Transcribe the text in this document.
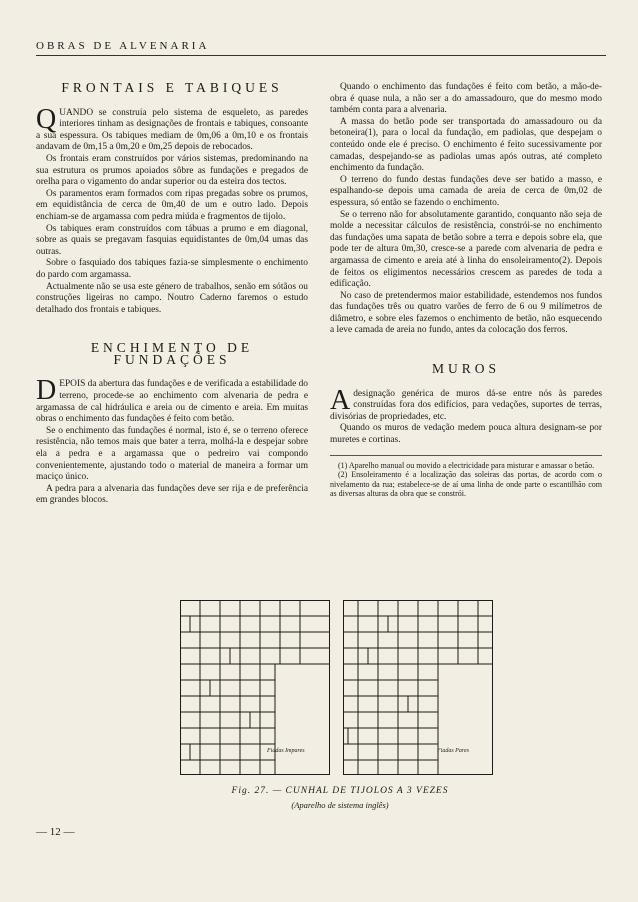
OBRAS DE ALVENARIA
FRONTAIS E TABIQUES

QUANDO se construía pelo sistema de esqueleto, as paredes interiores tinham as designações de frontais e tabiques, consoante a sua espessura. Os tabiques mediam de 0m,06 a 0m,10 e os frontais andavam de 0m,15 a 0m,20 e 0m,25 depois de rebocados.

Os frontais eram construídos por vários sistemas, predominando na sua estrutura os prumos apoiados sôbre as fundações e pregados de orelha para o vigamento do andar superior ou da esteira dos tectos.

Os paramentos eram formados com ripas pregadas sobre os prumos, em equidistância de cerca de 0m,40 de um e outro lado. Depois enchiam-se de argamassa com pedra miúda e fragmentos de tijolo.

Os tabiques eram construídos com tábuas a prumo e em diagonal, sobre as quais se pregavam fasquias equidistantes de 0m,04 umas das outras.

Sobre o fasquiado dos tabiques fazia-se simplesmente o enchimento do pardo com argamassa.

Actualmente não se usa este género de trabalhos, senão em sótãos ou construções ligeiras no campo. Noutro Caderno faremos o estudo detalhado dos frontais e tabiques.

ENCHIMENTO DE FUNDAÇÕES

DEPOIS da abertura das fundações e de verificada a estabilidade do terreno, procede-se ao enchimento com alvenaria de pedra e argamassa de cal hidráulica e areia ou de cimento e areia. Em muitas obras o enchimento das fundações é feito com betão.

Se o enchimento das fundações é normal, isto é, se o terreno oferece resistência, não temos mais que bater a terra, molhá-la e despejar sobre ela a pedra e a argamassa que o pedreiro vai compondo convenientemente, ajustando todo o material de maneira a formar um maciço único.

A pedra para a alvenaria das fundações deve ser rija e de preferência em grandes blocos.

Quando o enchimento das fundações é feito com betão, a mão-de-obra é quase nula, a não ser a do amassadouro, que do mesmo modo também conta para a alvenaria.

A massa do betão pode ser transportada do amassadouro ou da betoneira(1), para o local da fundação, em padiolas, que despejam o conteúdo onde ele é preciso. O enchimento é feito sucessivamente por camadas, despejando-se as padiolas umas após outras, até completo enchimento da fundação.

O terreno do fundo destas fundações deve ser batido a masso, e espalhando-se depois uma camada de areia de cerca de 0m,02 de espessura, só então se fazendo o enchimento.

Se o terreno não for absolutamente garantido, conquanto não seja de molde a necessitar cálculos de resistência, constrói-se no enchimento das fundações uma sapata de betão sobre a terra e depois sobre ela, que pode ter de altura 0m,30, cresce-se a parede com alvenaria de pedra e argamassa de cimento e areia até à linha do ensoleiramento(2). Depois de feitos os eligimentos necessários crescem as paredes de toda a edificação.

No caso de pretendermos maior estabilidade, estendemos nos fundos das fundações três ou quatro varões de ferro de 6 ou 9 milímetros de diâmetro, e sobre eles fazemos o enchimento de betão, não esquecendo a leve camada de areia no fundo, antes da colocação dos ferros.

MUROS

Adesignação genérica de muros dá-se entre nós às paredes construídas fora dos edifícios, para vedações, suportes de terras, divisórias de propriedades, etc.

Quando os muros de vedação medem pouca altura designam-se por muretes e cortinas.

(1) Aparelho manual ou movido a electricidade para misturar e amassar o betão.

(2) Ensoleiramento é a localização das soleiras das portas, de acordo com o nivelamento da rua; estabelece-se de aí uma linha de onde parte o escantilhão com as diversas alturas da obra que se constrói.

Fiadas Impares	Fiadas Pares
Fig. 27. — CUNHAL DE TIJOLOS A 3 VEZES
(Aparelho de sistema inglês)
— 12 —
